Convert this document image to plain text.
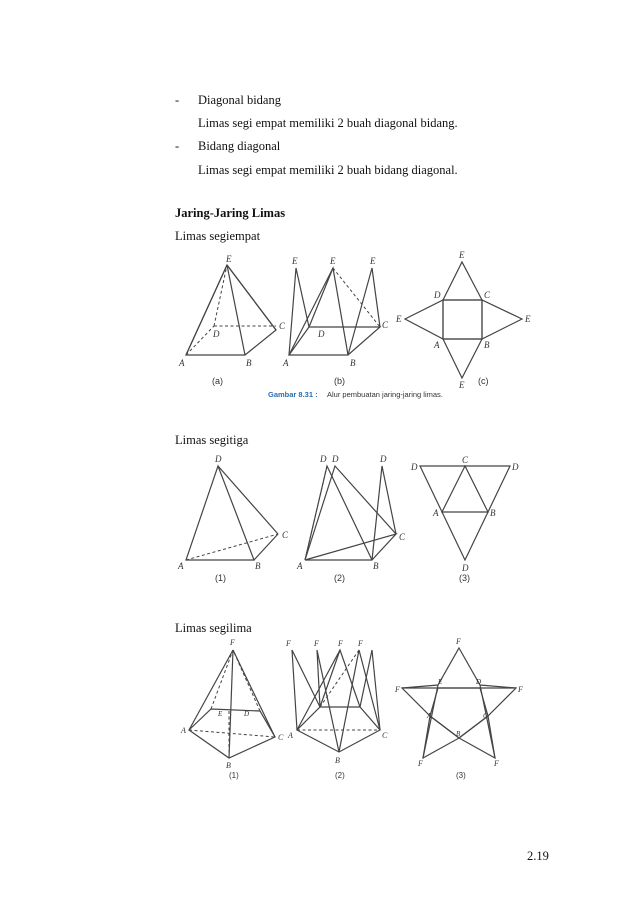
- Diagonal bidang
Limas segi empat memiliki 2 buah diagonal bidang.
- Bidang diagonal
Limas segi empat memiliki 2 buah bidang diagonal.
Jaring-Jaring Limas
Limas segiempat
Limas segitiga
Limas segilima
2.19
E
D
C
A	B
(a)
E	E	E
D
C
A	B
(b)
E
E
E	E
D	C
A	B
(c)
Gambar 8.31 : Alur pembuatan jaring-jaring limas.
D
C
A	B
(1)
D D	D
C
A	B
(2)
D	D
D
C
A	B
(3)
F
A
B
C
D
E
(1)
F	F F F
A
B
C
(2)
F
F	F
F	F
E	D
A	C
B
(3)
